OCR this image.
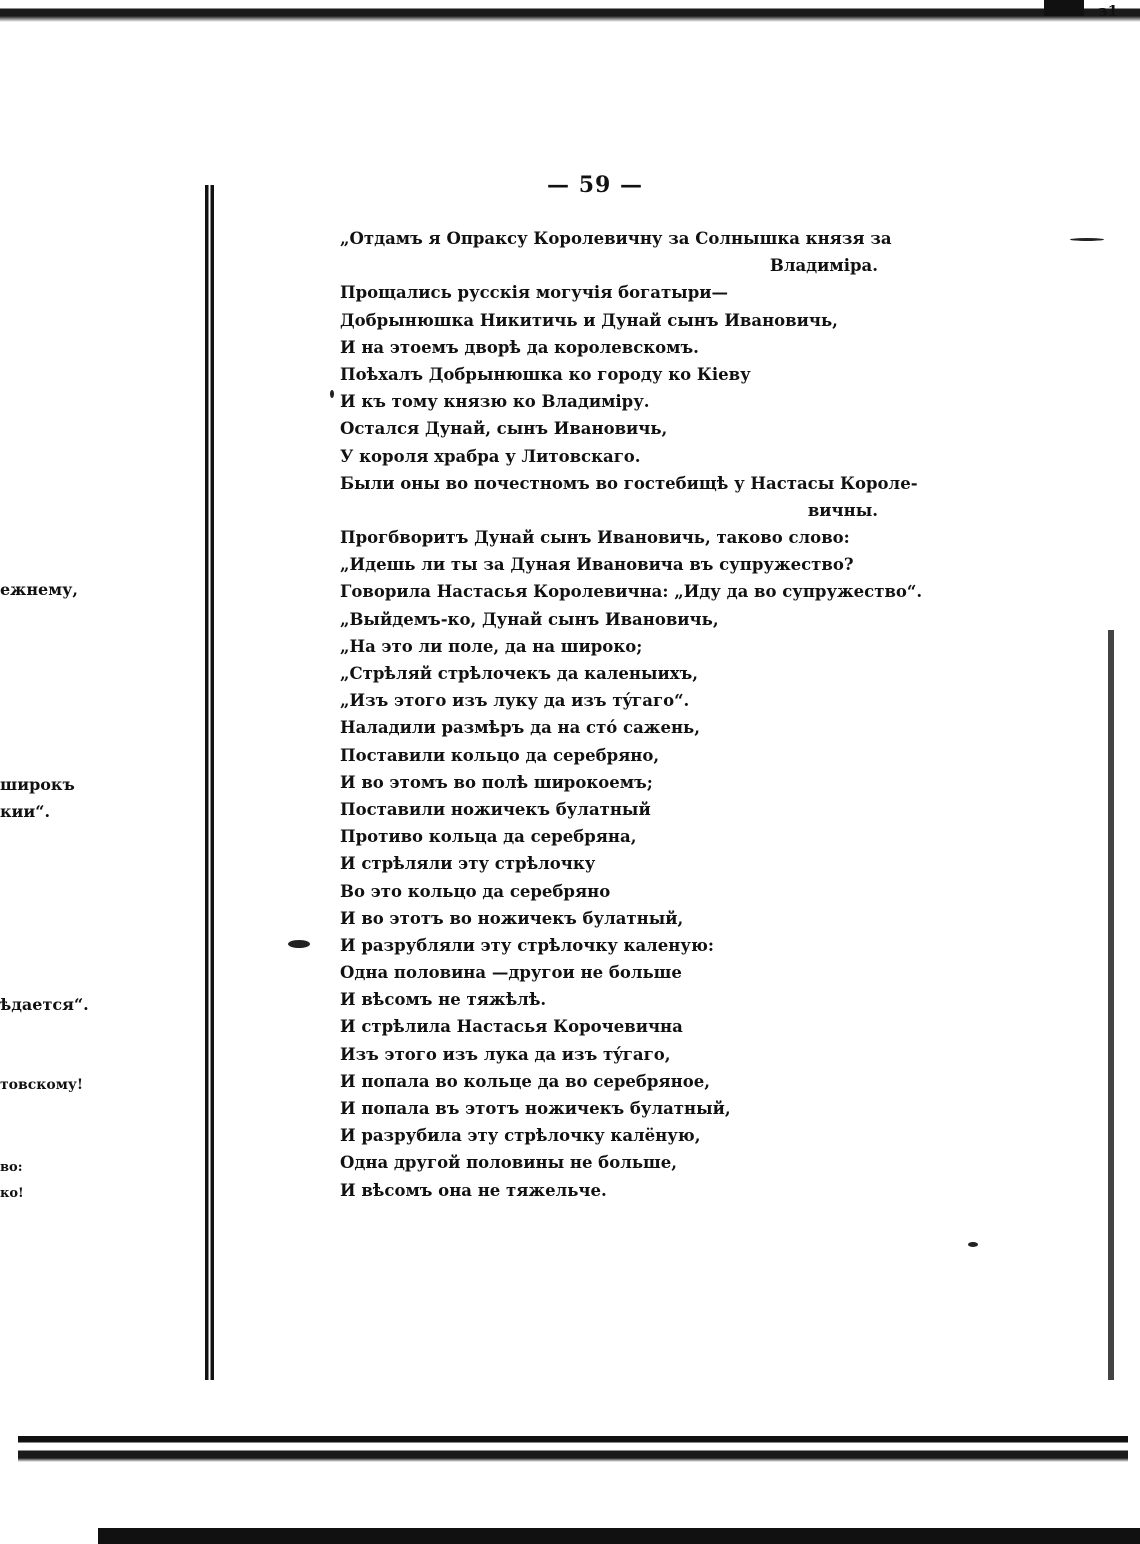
з1
— 59 —
„Отдамъ я Опраксу Королевичну за Солнышка князя за
Владиміра.
Прощались русскія могучія богатыри—
Добрынюшка Никитичь и Дунай сынъ Ивановичь,
И на этоемъ дворѣ да королевскомъ.
Поѣхалъ Добрынюшка ко городу ко Кіеву
И къ тому князю ко Владиміру.
Остался Дунай, сынъ Ивановичь,
У короля храбра у Литовскаго.
Были оны во почестномъ во гостебищѣ у Настасы Короле-
вичны.
Прогбворитъ Дунай сынъ Ивановичь, таково слово:
„Идешь ли ты за Дуная Ивановича въ супружество?
Говорила Настасья Королевична: „Иду да во супружество“.
„Выйдемъ-ко, Дунай сынъ Ивановичь,
„На это ли поле, да на широко;
„Стрѣляй стрѣлочекъ да каленыихъ,
„Изъ этого изъ луку да изъ тýгаго“.
Наладили размѣръ да на стó сажень,
Поставили кольцо да серебряно,
И во этомъ во полѣ широкоемъ;
Поставили ножичекъ булатный
Противо кольца да серебряна,
И стрѣляли эту стрѣлочку
Во это кольцо да серебряно
И во этотъ во ножичекъ булатный,
И разрубляли эту стрѣлочку каленую:
Одна половина —другои не больше
И вѣсомъ не тяжѣлѣ.
И стрѣлила Настасья Корочевична
Изъ этого изъ лука да изъ тýгаго,
И попала во кольце да во серебряное,
И попала въ этотъ ножичекъ булатный,
И разрубила эту стрѣлочку калёную,
Одна другой половины не больше,
И вѣсомъ она не тяжельче.
ежнему,
широкъ
кии“.
ѣдается“.
товскому!
во:
ко!
